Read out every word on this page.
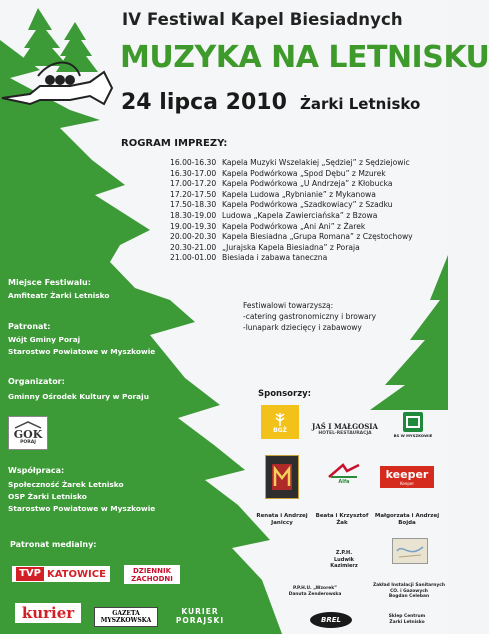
IV Festiwal Kapel Biesiadnych
MUZYKA NA LETNISKU
24 lipca 2010 Żarki Letnisko
ROGRAM IMPREZY:
16.00-16.30 Kapela Muzyki Wszelakiej „Sędziej” z Sędziejowic
16.30-17.00 Kapela Podwórkowa „Spod Dębu” z Mzurek
17.00-17.20 Kapela Podwórkowa „U Andrzeja” z Kłobucka
17.20-17.50 Kapela Ludowa „Rybnianie” z Mykanowa
17.50-18.30 Kapela Podwórkowa „Szadkowiacy” z Szadku
18.30-19.00 Ludowa „Kapela Zawierciańska” z Bzowa
19.00-19.30 Kapela Podwórkowa „Ani Ani” z Żarek
20.00-20.30 Kapela Biesiadna „Grupa Romana” z Częstochowy
20.30-21.00 „Jurajska Kapela Biesiadna” z Poraja
21.00-01.00 Biesiada i zabawa taneczna
Miejsce Festiwalu:
Amfiteatr Żarki Letnisko
Patronat:
Wójt Gminy Poraj
Starostwo Powiatowe w Myszkowie
Organizator:
Gminny Ośrodek Kultury w Poraju
GOK
PORAJ
Współpraca:
Społeczność Żarek Letnisko
OSP Żarki Letnisko
Starostwo Powiatowe w Myszkowie
Patronat medialny:
TVP KATOWICE	DZIENNIK
ZACHODNI
kurier	GAZETA
MYSZKOWSKA
KURIER
PORAJSKI
Festiwalowi towarzyszą:
-catering gastronomiczny i browary
-lunapark dziecięcy i zabawowy
Sponsorzy:
BGŻ	JAŚ I MAŁGOSIA
HOTEL·RESTAURACJA	BS W MYSZKOWIE
Renata i Andrzej
Janiccy
Alfa
Beata i Krzysztof
Żak
keeper
Keeper
Małgorzata i Andrzej
Bojda
Z.P.H.
Ludwik Kazimierz
Zakład Instalacji Sanitarnych
CO. i Gazowych
Bogdan Celeban
P.P.H.U. „Wzorek”
Danuta Zenderowska
BREL	Sklep Centrum
Żarki Letnisko
